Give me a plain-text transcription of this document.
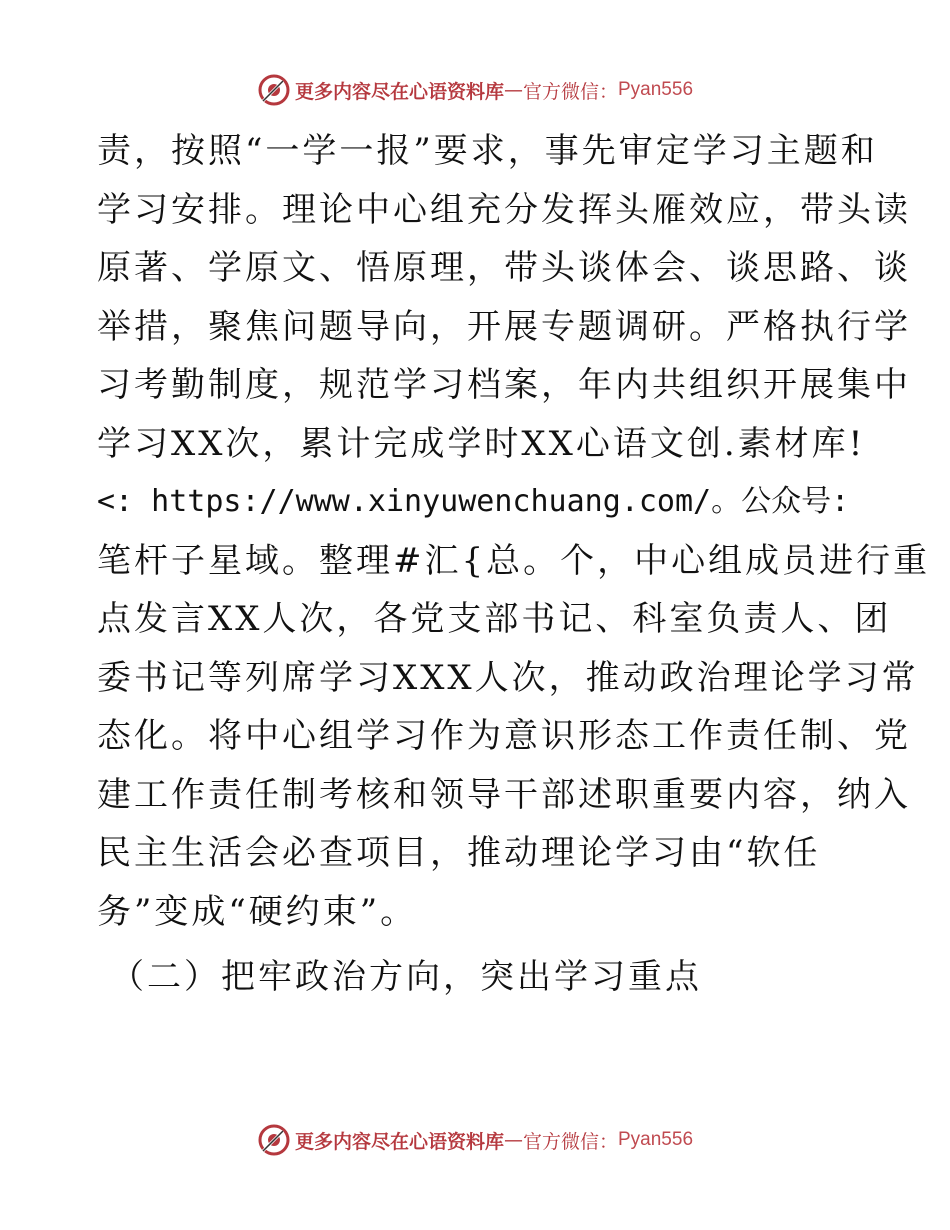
更多内容尽在心语资料库 — 官方微信： Pyan556
责，按照“一学一报”要求，事先审定学习主题和
学习安排。理论中心组充分发挥头雁效应，带头读
原著、学原文、悟原理，带头谈体会、谈思路、谈
举措，聚焦问题导向，开展专题调研。严格执行学
习考勤制度，规范学习档案，年内共组织开展集中
学习XX次，累计完成学时XX心语文创.素材库!
<: https://www.xinyuwenchuang.com/。公众号:
笔杆子星域。整理#汇{总。个，中心组成员进行重
点发言XX人次，各党支部书记、科室负责人、团
委书记等列席学习XXX人次，推动政治理论学习常
态化。将中心组学习作为意识形态工作责任制、党
建工作责任制考核和领导干部述职重要内容，纳入
民主生活会必查项目，推动理论学习由“软任
务”变成“硬约束”。
（二）把牢政治方向，突出学习重点
更多内容尽在心语资料库 — 官方微信： Pyan556
